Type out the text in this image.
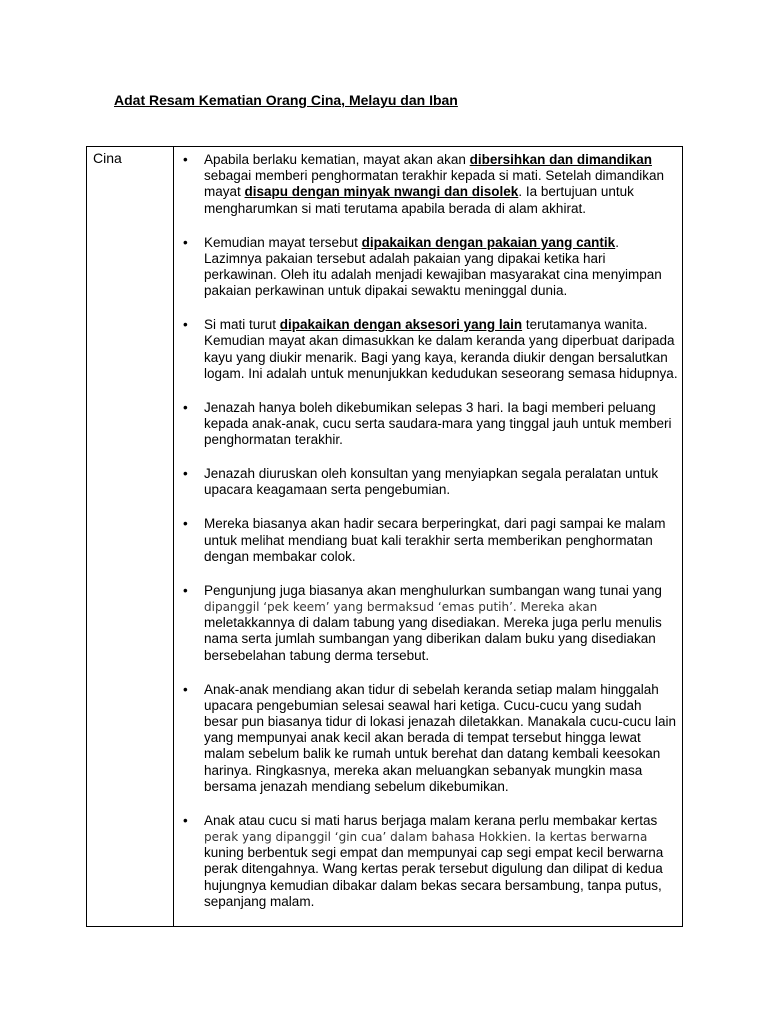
Adat Resam Kematian Orang Cina, Melayu dan Iban
Cina
•	Apabila berlaku kematian, mayat akan akan dibersihkan dan dimandikan sebagai memberi penghormatan terakhir kepada si mati. Setelah dimandikan mayat disapu dengan minyak nwangi dan disolek. Ia bertujuan untuk mengharumkan si mati terutama apabila berada di alam akhirat.
• Kemudian mayat tersebut dipakaikan dengan pakaian yang cantik. Lazimnya pakaian tersebut adalah pakaian yang dipakai ketika hari perkawinan. Oleh itu adalah menjadi kewajiban masyarakat cina menyimpan pakaian perkawinan untuk dipakai sewaktu meninggal dunia.
• Si mati turut dipakaikan dengan aksesori yang lain terutamanya wanita. Kemudian mayat akan dimasukkan ke dalam keranda yang diperbuat daripada kayu yang diukir menarik. Bagi yang kaya, keranda diukir dengan bersalutkan logam. Ini adalah untuk menunjukkan kedudukan seseorang semasa hidupnya.
• Jenazah hanya boleh dikebumikan selepas 3 hari. Ia bagi memberi peluang kepada anak-anak, cucu serta saudara-mara yang tinggal jauh untuk memberi penghormatan terakhir.
• Jenazah diuruskan oleh konsultan yang menyiapkan segala peralatan untuk upacara keagamaan serta pengebumian.
• Mereka biasanya akan hadir secara berperingkat, dari pagi sampai ke malam untuk melihat mendiang buat kali terakhir serta memberikan penghormatan dengan membakar colok.
• Pengunjung juga biasanya akan menghulurkan sumbangan wang tunai yang dipanggil ‘pek keem’ yang bermaksud ‘emas putih’. Mereka akan meletakkannya di dalam tabung yang disediakan. Mereka juga perlu menulis nama serta jumlah sumbangan yang diberikan dalam buku yang disediakan bersebelahan tabung derma tersebut.
• Anak-anak mendiang akan tidur di sebelah keranda setiap malam hinggalah upacara pengebumian selesai seawal hari ketiga. Cucu-cucu yang sudah besar pun biasanya tidur di lokasi jenazah diletakkan. Manakala cucu-cucu lain yang mempunyai anak kecil akan berada di tempat tersebut hingga lewat malam sebelum balik ke rumah untuk berehat dan datang kembali keesokan harinya. Ringkasnya, mereka akan meluangkan sebanyak mungkin masa bersama jenazah mendiang sebelum dikebumikan.
• Anak atau cucu si mati harus berjaga malam kerana perlu membakar kertas perak yang dipanggil ‘gin cua’ dalam bahasa Hokkien. Ia kertas berwarna kuning berbentuk segi empat dan mempunyai cap segi empat kecil berwarna perak ditengahnya. Wang kertas perak tersebut digulung dan dilipat di kedua hujungnya kemudian dibakar dalam bekas secara bersambung, tanpa putus, sepanjang malam.
